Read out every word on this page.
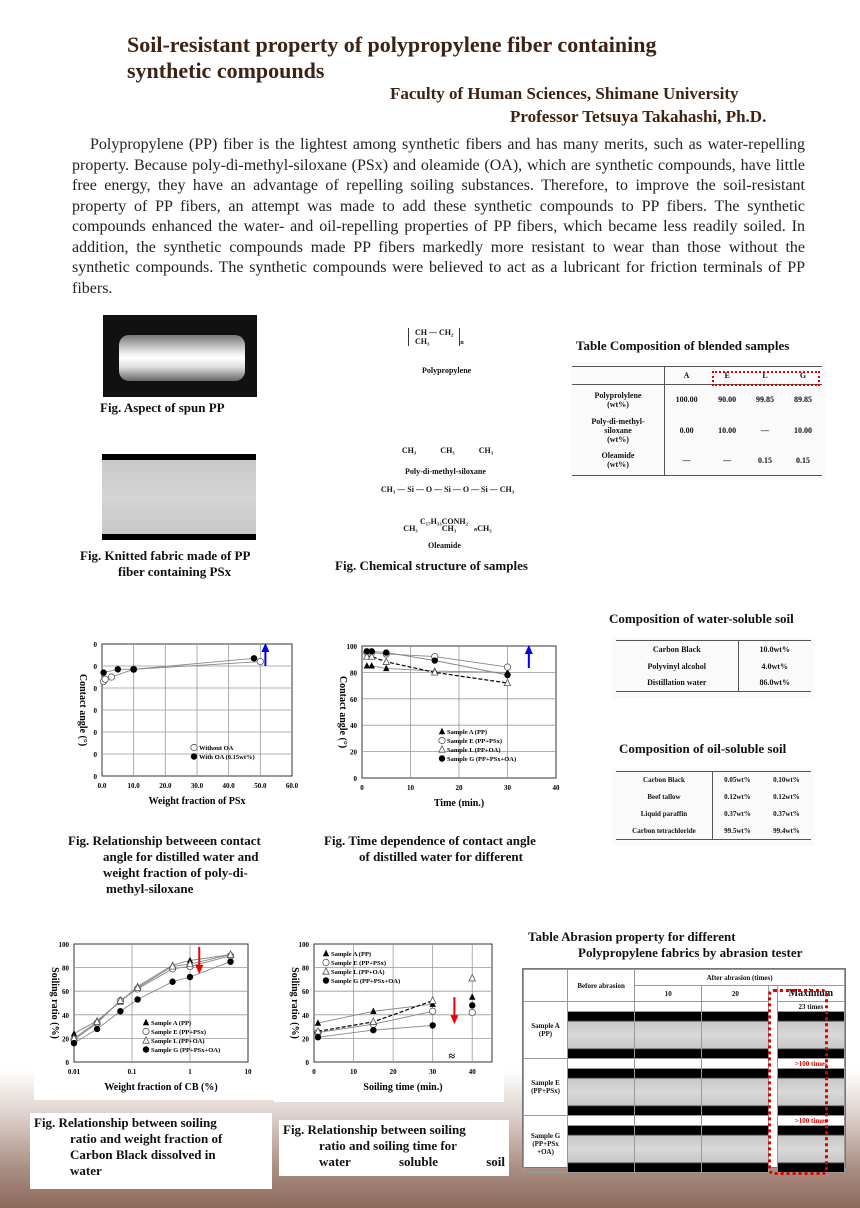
Soil-resistant property of polypropylene fiber containing
synthetic compounds
Faculty of Human Sciences, Shimane University
Professor Tetsuya Takahashi, Ph.D.
Polypropylene (PP) fiber is the lightest among synthetic fibers and has many merits, such as water-repelling property. Because poly-di-methyl-siloxane (PSx) and oleamide (OA), which are synthetic compounds, have little free energy, they have an advantage of repelling soiling substances. Therefore, to improve the soil-resistant property of PP fibers, an attempt was made to add these synthetic compounds to PP fibers. The synthetic compounds enhanced the water- and oil-repelling properties of PP fibers, which became less readily soiled. In addition, the synthetic compounds made PP fibers markedly more resistant to wear than those without the synthetic compounds. The synthetic compounds were believed to act as a lubricant for friction terminals of PP fibers.
Fig. Aspect of spun PP
Fig. Knitted fabric made of PP
fiber containing PSx
CH — CH₂
CH₃	n
Polypropylene

CH₃            CH₃            CH₃

CH₃ — Si — O — Si — O — Si — CH₃

CH₃            CH₃         ₙCH₃

Poly-di-methyl-siloxane
C₁₇H₃₃CONH₂
Oleamide
Fig. Chemical structure of samples
Table Composition of blended samples
	A	E	L	G

Polyprolylene
(wt%)	100.00	90.00	99.85	89.85

Poly-di-methyl-siloxane
(wt%)	0.00	10.00	—	10.00

Oleamide
(wt%)	—	—	0.15	0.15
Composition of water-soluble soil
Carbon Black	10.0wt%
Polyvinyl alcohol	4.0wt%
Distillation water	86.0wt%
Composition of oil-soluble soil
Carbon Black	0.05wt%	0.10wt%
Beef tallow	0.12wt%	0.12wt%
Liquid paraffin	0.37wt%	0.37wt%
Carbon tetrachloride	99.5wt%	99.4wt%
0
0
0
0
0
0
0
0.0	10.0	20.0	30.0	40.0	50.0	60.0
Weight fraction of PSx
Contact angle (°)
Without OA
With OA (0.15wt%)
0
20
40
60
80
100
0	10	20	30	40
Time (min.)
Contact angle (°)	Sample A (PP)
Sample E (PP+PSx)
Sample L (PP+OA)
Sample G (PP+PSx+OA)
0
20
40
60
80
100
0.01	0.1	1	10
Weight fraction of CB (%)
Soiling ratio (%)	Sample A (PP)
Sample E (PP+PSx)
Sample L (PP+OA)
Sample G (PP+PSx+OA)
0
20
40
60
80
100
0	10	20	30	40
Soiling time (min.)
Soiling ratio (%)
≈
Sample A (PP)
Sample E (PP+PSx)
Sample L (PP+OA)
Sample G (PP+PSx+OA)
Fig. Relationship betweeen contact
angle for distilled water and
weight fraction of poly-di-
methyl-siloxane
Fig. Time dependence of contact angle
of distilled water for different
Fig. Relationship between soiling
ratio and weight fraction of
Carbon Black dissolved in
water
Fig. Relationship between soiling
ratio and soiling time for
water	soluble	soil
Table Abrasion property for different
Polypropylene fabrics by abrasion tester
	Before abrasion	After abrasion (times)			
		10	20		Maximum

Sample A
(PP)					23 times

Sample E
(PP+PSx)					>100 times

Sample G
(PP+PSx
+OA)					>100 times
